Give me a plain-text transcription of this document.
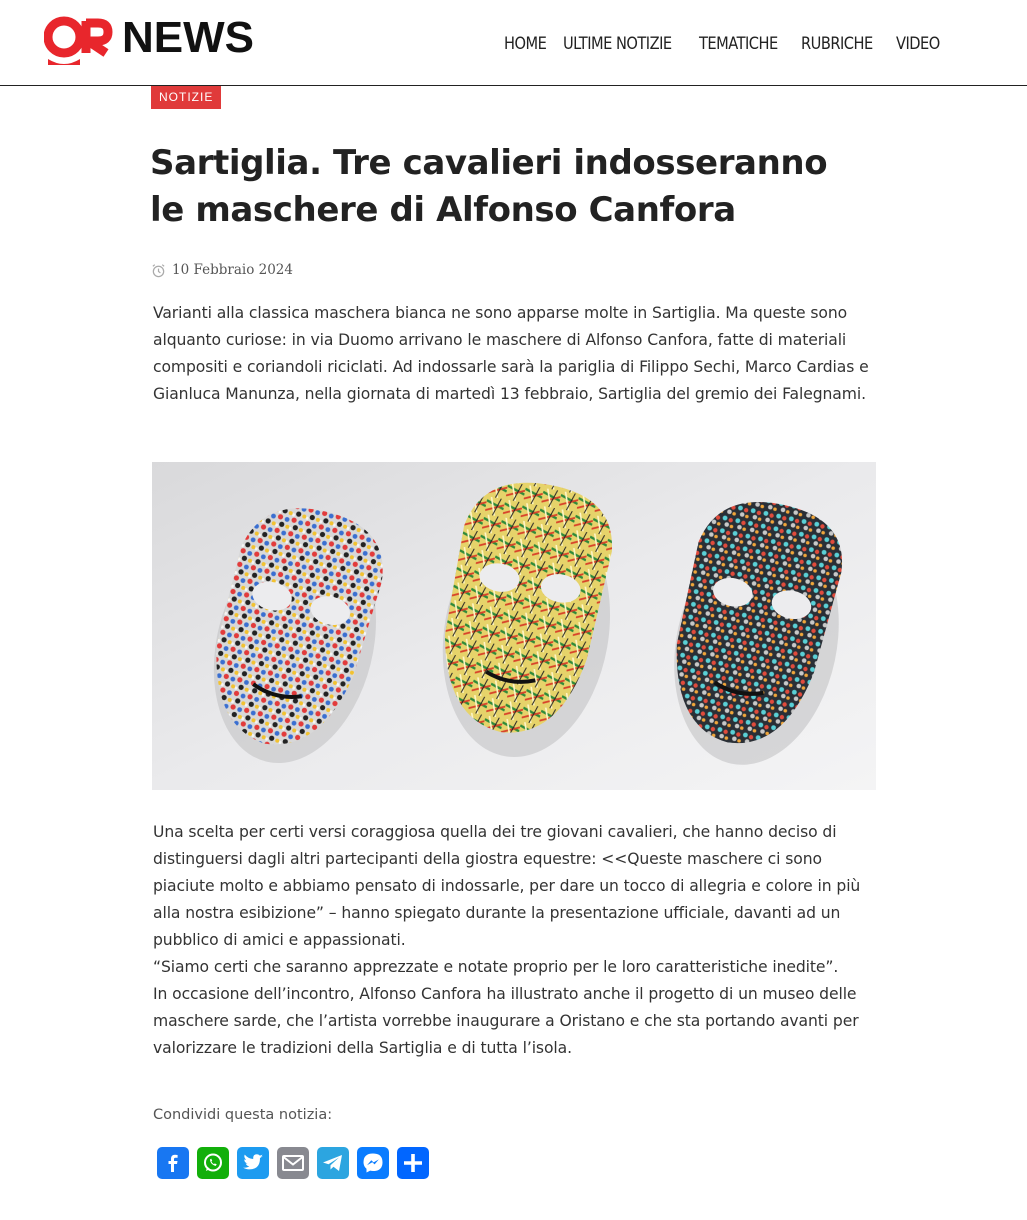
NEWS	HOME ULTIME NOTIZIE	TEMATICHE	RUBRICHE	VIDEO
NOTIZIE
Sartiglia. Tre cavalieri indosseranno le maschere di Alfonso Canfora
10 Febbraio 2024

Varianti alla classica maschera bianca ne sono apparse molte in Sartiglia. Ma queste sono alquanto curiose: in via Duomo arrivano le maschere di Alfonso Canfora, fatte di materiali compositi e coriandoli riciclati. Ad indossarle sarà la pariglia di Filippo Sechi, Marco Cardias e Gianluca Manunza, nella giornata di martedì 13 febbraio, Sartiglia del gremio dei Falegnami.

Una scelta per certi versi coraggiosa quella dei tre giovani cavalieri, che hanno deciso di distinguersi dagli altri partecipanti della giostra equestre: <<Queste maschere ci sono piaciute molto e abbiamo pensato di indossarle, per dare un tocco di allegria e colore in più alla nostra esibizione” – hanno spiegato durante la presentazione ufficiale, davanti ad un pubblico di amici e appassionati.

“Siamo certi che saranno apprezzate e notate proprio per le loro caratteristiche inedite”.

In occasione dell’incontro, Alfonso Canfora ha illustrato anche il progetto di un museo delle maschere sarde, che l’artista vorrebbe inaugurare a Oristano e che sta portando avanti per valorizzare le tradizioni della Sartiglia e di tutta l’isola.

Condividi questa notizia:
